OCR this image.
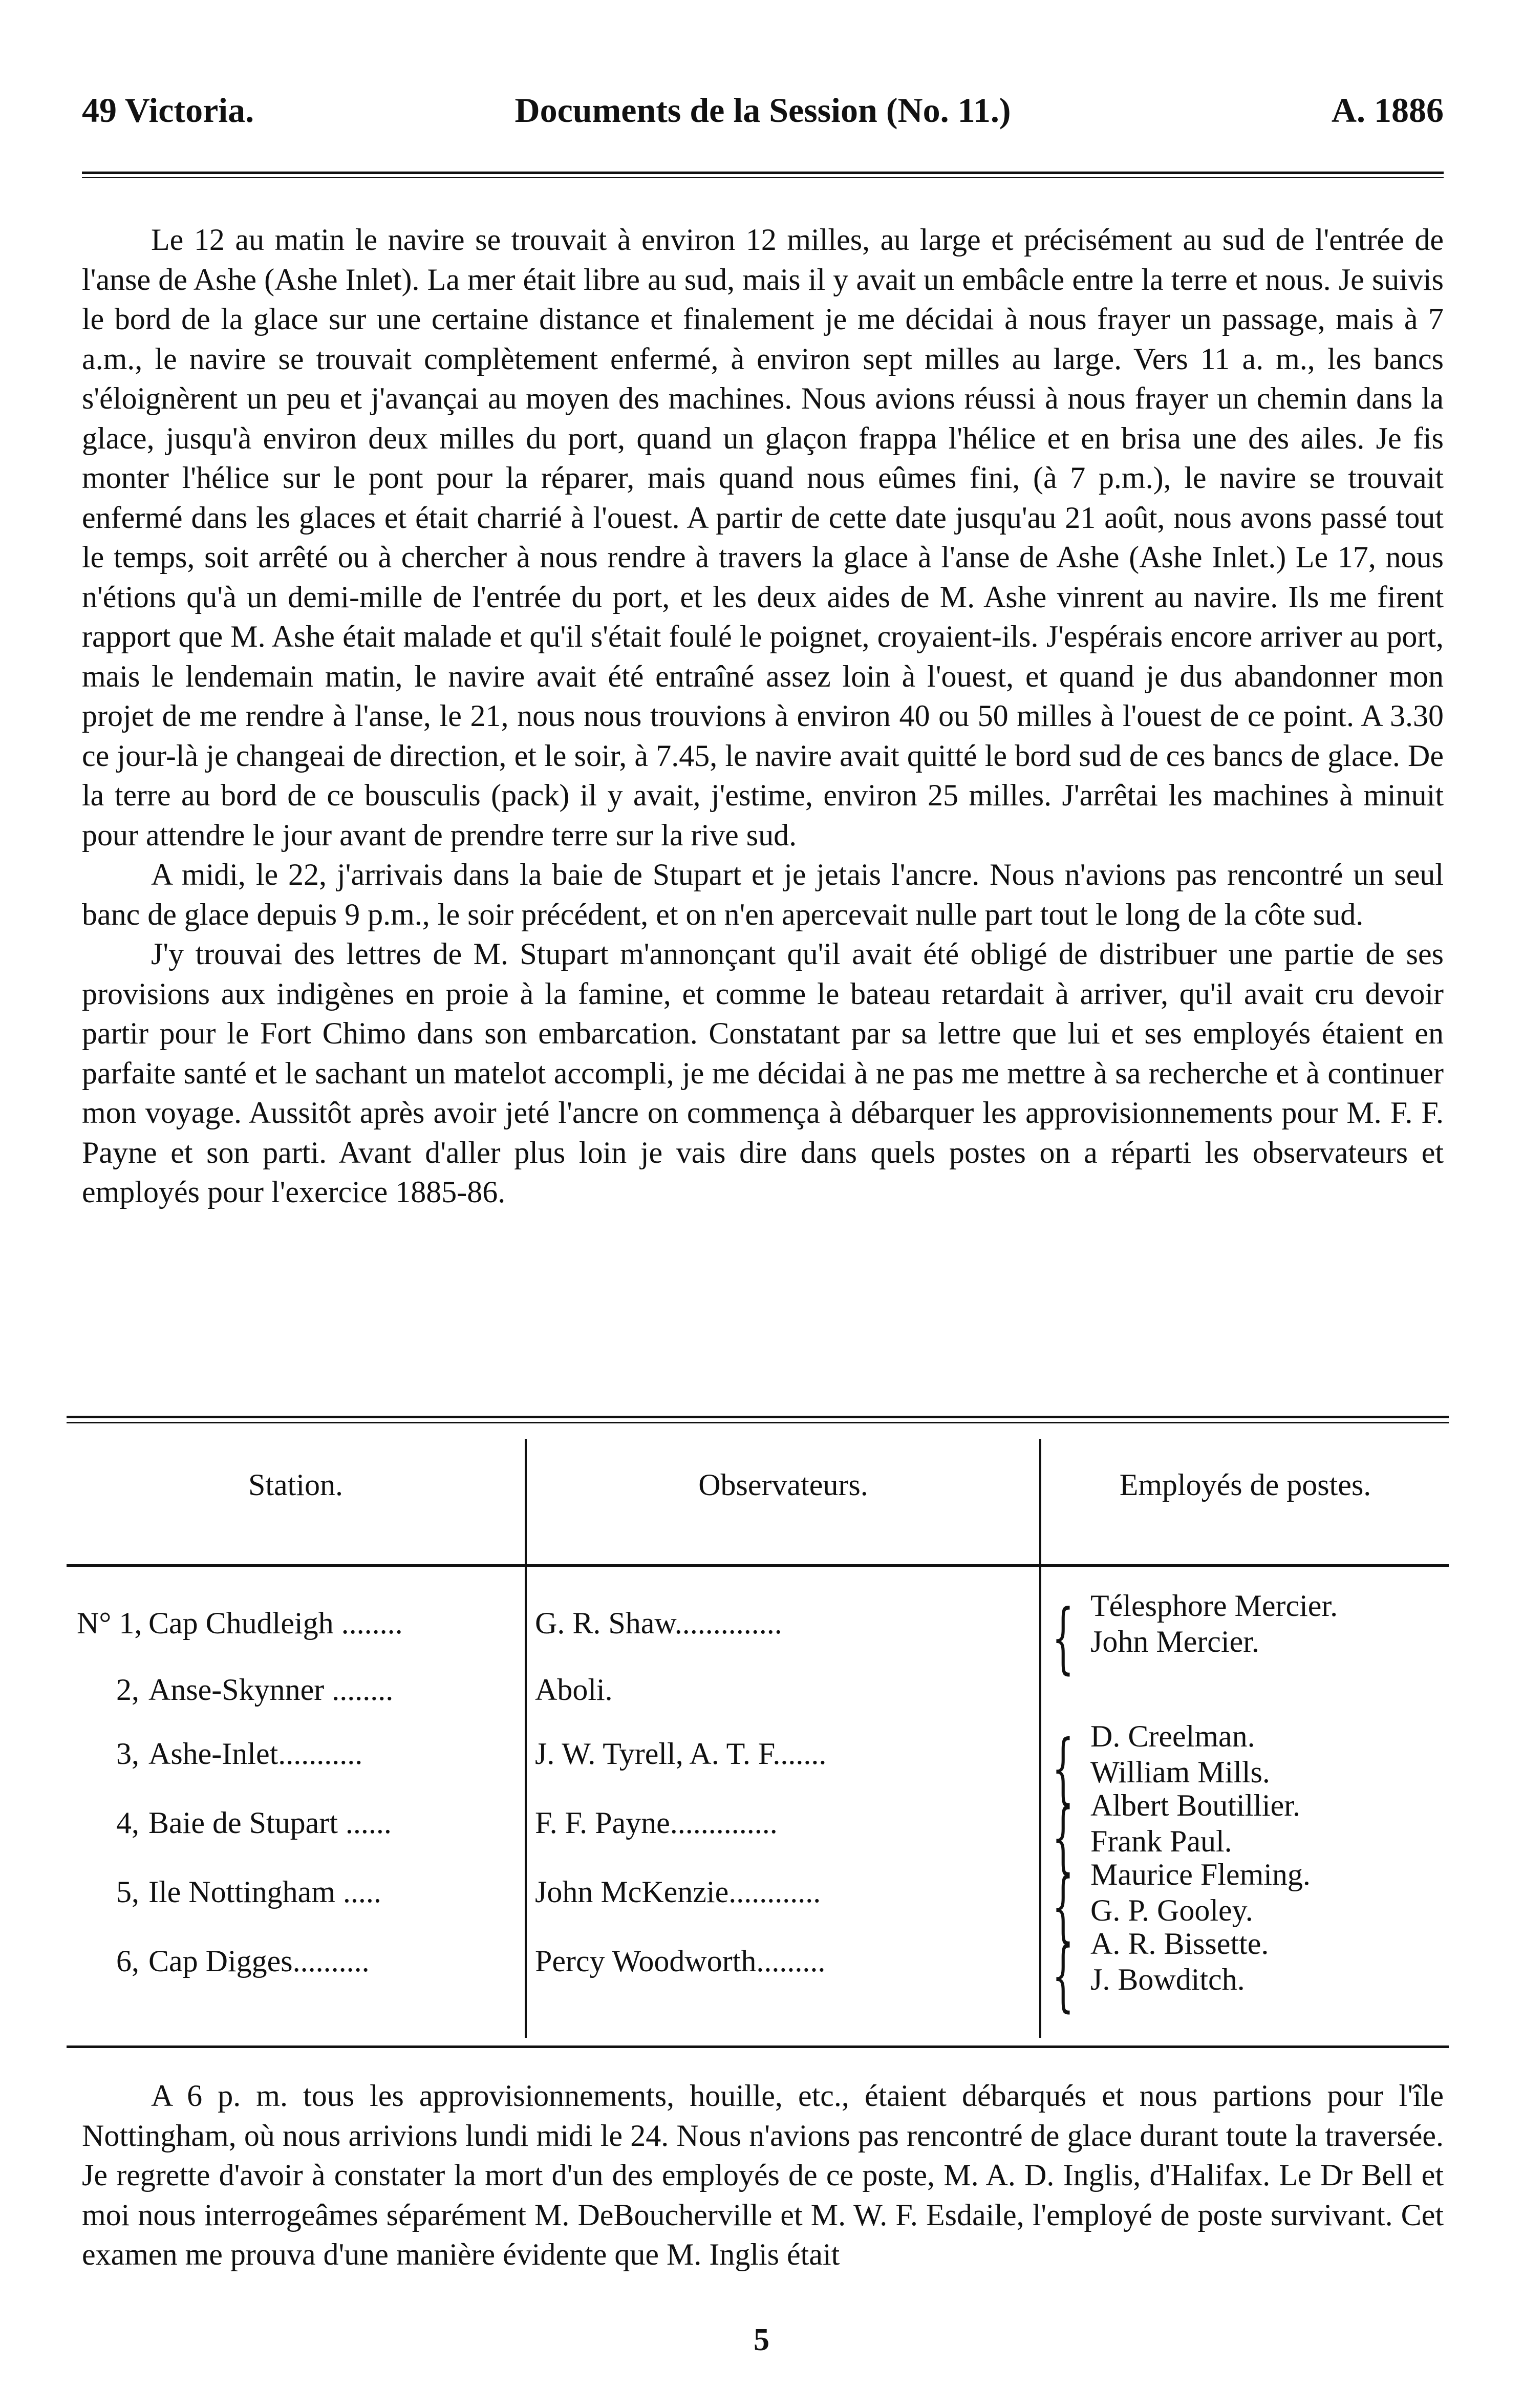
49 Victoria.	Documents de la Session (No. 11.)	A. 1886

Le 12 au matin le navire se trouvait à environ 12 milles, au large et précisément au sud de l'entrée de l'anse de Ashe (Ashe Inlet). La mer était libre au sud, mais il y avait un embâcle entre la terre et nous. Je suivis le bord de la glace sur une certaine distance et finalement je me décidai à nous frayer un passage, mais à 7 a.m., le navire se trouvait complètement enfermé, à environ sept milles au large. Vers 11 a. m., les bancs s'éloignèrent un peu et j'avançai au moyen des machines. Nous avions réussi à nous frayer un chemin dans la glace, jusqu'à environ deux milles du port, quand un glaçon frappa l'hélice et en brisa une des ailes. Je fis monter l'hélice sur le pont pour la réparer, mais quand nous eûmes fini, (à 7 p.m.), le navire se trouvait enfermé dans les glaces et était charrié à l'ouest. A partir de cette date jusqu'au 21 août, nous avons passé tout le temps, soit arrêté ou à chercher à nous rendre à travers la glace à l'anse de Ashe (Ashe Inlet.) Le 17, nous n'étions qu'à un demi-mille de l'entrée du port, et les deux aides de M. Ashe vinrent au navire. Ils me firent rapport que M. Ashe était malade et qu'il s'était foulé le poignet, croyaient-ils. J'espérais encore arriver au port, mais le lendemain matin, le navire avait été entraîné assez loin à l'ouest, et quand je dus abandonner mon projet de me rendre à l'anse, le 21, nous nous trouvions à environ 40 ou 50 milles à l'ouest de ce point. A 3.30 ce jour-là je changeai de direction, et le soir, à 7.45, le navire avait quitté le bord sud de ces bancs de glace. De la terre au bord de ce bousculis (pack) il y avait, j'estime, environ 25 milles. J'arrêtai les machines à minuit pour attendre le jour avant de prendre terre sur la rive sud.

A midi, le 22, j'arrivais dans la baie de Stupart et je jetais l'ancre. Nous n'avions pas rencontré un seul banc de glace depuis 9 p.m., le soir précédent, et on n'en apercevait nulle part tout le long de la côte sud.

J'y trouvai des lettres de M. Stupart m'annonçant qu'il avait été obligé de distribuer une partie de ses provisions aux indigènes en proie à la famine, et comme le bateau retardait à arriver, qu'il avait cru devoir partir pour le Fort Chimo dans son embarcation. Constatant par sa lettre que lui et ses employés étaient en parfaite santé et le sachant un matelot accompli, je me décidai à ne pas me mettre à sa recherche et à continuer mon voyage. Aussitôt après avoir jeté l'ancre on commença à débarquer les approvisionnements pour M. F. F. Payne et son parti. Avant d'aller plus loin je vais dire dans quels postes on a réparti les observateurs et employés pour l'exercice 1885-86.

Station.	Observateurs.	Employés de postes.
N° 1, Cap Chudleigh ........	G. R. Shaw..............	{ Télesphore Mercier.
John Mercier.
2, Anse-Skynner ........	Aboli.
3, Ashe-Inlet...........	J. W. Tyrell, A. T. F.......	{ D. Creelman.
William Mills.
4, Baie de Stupart ......	F. F. Payne..............	{ Albert Boutillier.
Frank Paul.
5, Ile Nottingham .....	John McKenzie............	{ Maurice Fleming.
G. P. Gooley.
6, Cap Digges..........	Percy Woodworth.........	{ A. R. Bissette.
J. Bowditch.

A 6 p. m. tous les approvisionnements, houille, etc., étaient débarqués et nous partions pour l'île Nottingham, où nous arrivions lundi midi le 24. Nous n'avions pas rencontré de glace durant toute la traversée. Je regrette d'avoir à constater la mort d'un des employés de ce poste, M. A. D. Inglis, d'Halifax. Le Dr Bell et moi nous interrogeâmes séparément M. DeBoucherville et M. W. F. Esdaile, l'employé de poste survivant. Cet examen me prouva d'une manière évidente que M. Inglis était

5
